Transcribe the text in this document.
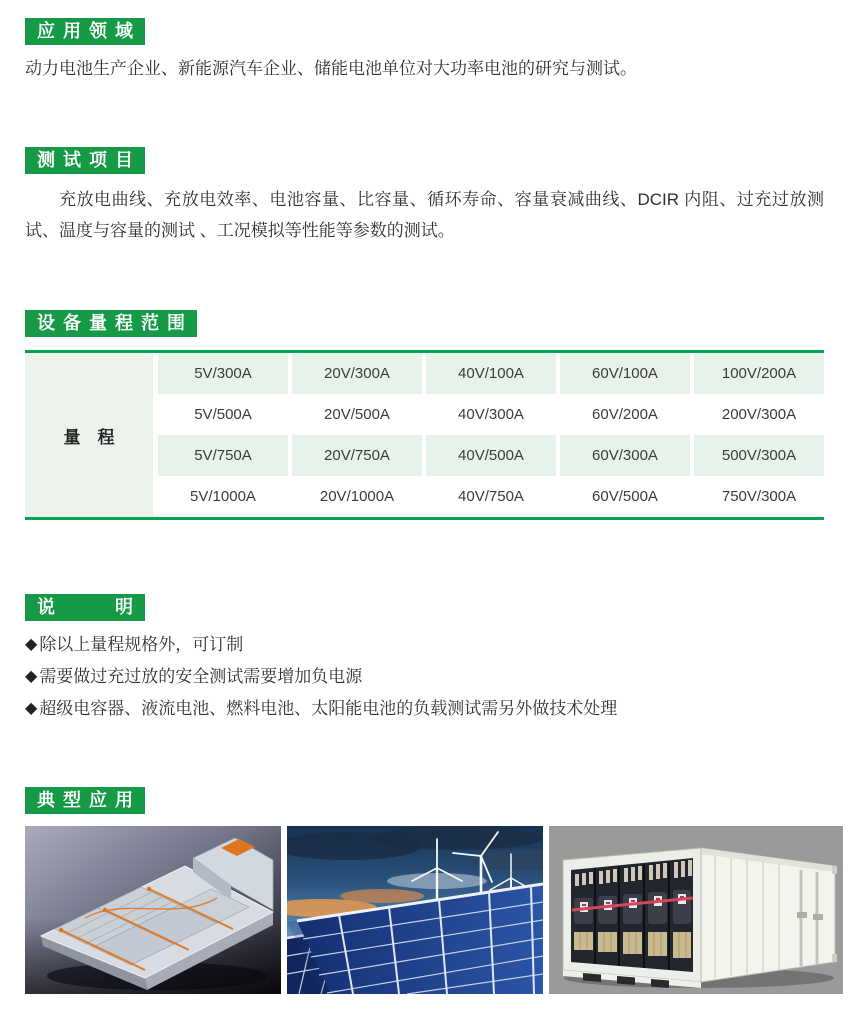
应用领域

动力电池生产企业、新能源汽车企业、储能电池单位对大功率电池的研究与测试。

测试项目

充放电曲线、充放电效率、电池容量、比容量、循环寿命、容量衰减曲线、DCIR 内阻、过充过放测试、温度与容量的测试 、工况模拟等性能等参数的测试。

设备量程范围
量　程
5V/300A	20V/300A	40V/100A	60V/100A	100V/200A
5V/500A	20V/500A	40V/300A	60V/200A	200V/300A
5V/750A	20V/750A	40V/500A	60V/300A	500V/300A
5V/1000A	20V/1000A	40V/750A	60V/500A	750V/300A
说　　明
◆ 除以上量程规格外，可订制
◆ 需要做过充过放的安全测试需要增加负电源
◆ 超级电容器、液流电池、燃料电池、太阳能电池的负载测试需另外做技术处理
典型应用
